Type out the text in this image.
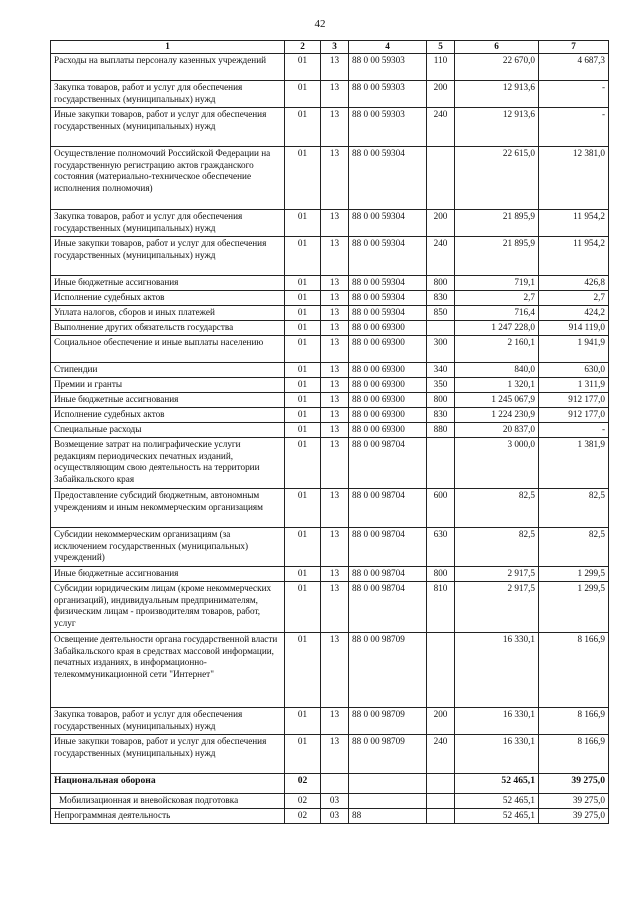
42
1	2	3	4	5	6	7
Расходы на выплаты персоналу казенных учреждений	01	13	88 0 00 59303	110	22 670,0	4 687,3
Закупка товаров, работ и услуг для обеспечения государственных (муниципальных) нужд	01	13	88 0 00 59303	200	12 913,6	-
Иные закупки товаров, работ и услуг для обеспечения государственных (муниципальных) нужд	01	13	88 0 00 59303	240	12 913,6	-
Осуществление полномочий Российской Федерации на государственную регистрацию актов гражданского состояния (материально-техническое обеспечение исполнения полномочия)	01	13	88 0 00 59304		22 615,0	12 381,0
Закупка товаров, работ и услуг для обеспечения государственных (муниципальных) нужд	01	13	88 0 00 59304	200	21 895,9	11 954,2
Иные закупки товаров, работ и услуг для обеспечения государственных (муниципальных) нужд	01	13	88 0 00 59304	240	21 895,9	11 954,2
Иные бюджетные ассигнования	01	13	88 0 00 59304	800	719,1	426,8
Исполнение судебных актов	01	13	88 0 00 59304	830	2,7	2,7
Уплата налогов, сборов и иных платежей	01	13	88 0 00 59304	850	716,4	424,2
Выполнение других обязательств государства	01	13	88 0 00 69300		1 247 228,0	914 119,0
Социальное обеспечение и иные выплаты населению	01	13	88 0 00 69300	300	2 160,1	1 941,9
Стипендии	01	13	88 0 00 69300	340	840,0	630,0
Премии и гранты	01	13	88 0 00 69300	350	1 320,1	1 311,9
Иные бюджетные ассигнования	01	13	88 0 00 69300	800	1 245 067,9	912 177,0
Исполнение судебных актов	01	13	88 0 00 69300	830	1 224 230,9	912 177,0
Специальные расходы	01	13	88 0 00 69300	880	20 837,0	-
Возмещение затрат на полиграфические услуги редакциям периодических печатных изданий, осуществляющим свою деятельность на территории Забайкальского края	01	13	88 0 00 98704		3 000,0	1 381,9
Предоставление субсидий бюджетным, автономным учреждениям и иным некоммерческим организациям	01	13	88 0 00 98704	600	82,5	82,5
Субсидии некоммерческим организациям (за исключением государственных (муниципальных) учреждений)	01	13	88 0 00 98704	630	82,5	82,5
Иные бюджетные ассигнования	01	13	88 0 00 98704	800	2 917,5	1 299,5
Субсидии юридическим лицам (кроме некоммерческих организаций), индивидуальным предпринимателям, физическим лицам - производителям товаров, работ, услуг	01	13	88 0 00 98704	810	2 917,5	1 299,5
Освещение деятельности органа государственной власти Забайкальского края в средствах массовой информации, печатных изданиях, в информационно-телекоммуникационной сети "Интернет"	01	13	88 0 00 98709		16 330,1	8 166,9
Закупка товаров, работ и услуг для обеспечения государственных (муниципальных) нужд	01	13	88 0 00 98709	200	16 330,1	8 166,9
Иные закупки товаров, работ и услуг для обеспечения государственных (муниципальных) нужд	01	13	88 0 00 98709	240	16 330,1	8 166,9
Национальная оборона	02				52 465,1	39 275,0
Мобилизационная и вневойсковая подготовка	02	03			52 465,1	39 275,0
Непрограммная деятельность	02	03	88		52 465,1	39 275,0
